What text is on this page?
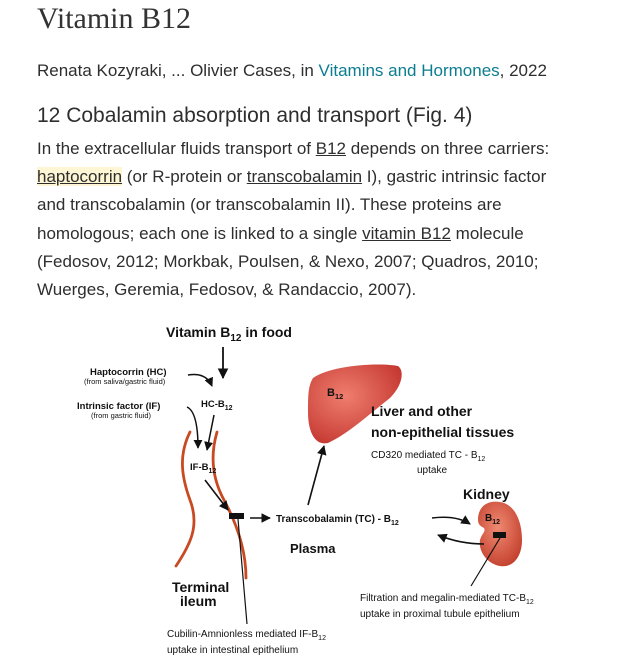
Vitamin B12
Renata Kozyraki, ... Olivier Cases, in Vitamins and Hormones, 2022
12 Cobalamin absorption and transport (Fig. 4)
In the extracellular fluids transport of B12 depends on three carriers:
haptocorrin (or R-protein or transcobalamin I), gastric intrinsic factor
and transcobalamin (or transcobalamin II). These proteins are
homologous; each one is linked to a single vitamin B12 molecule
(Fedosov, 2012; Morkbak, Poulsen, & Nexo, 2007; Quadros, 2010;
Wuerges, Geremia, Fedosov, & Randaccio, 2007).
Vitamin $B_{12}$ in food
Haptocorrin (HC)
(from saliva/gastric fluid)
Intrinsic factor (IF)
(from gastric fluid)
$HC-B_{12}$
$IF-B_{12}$
Transcobalamin $(TC) - B_{12}$
Plasma
$B_{12}$
Liver and other
non-epithelial tissues
CD320 mediated TC - $B_{12}$
uptake
Kidney
$B_{12}$
Terminal
ileum	Filtration and megalin-mediated $TC-B_{12}$
uptake in proximal tubule epithelium
Cubilin-Amnionless mediated $IF-B_{12}$
uptake in intestinal epithelium
